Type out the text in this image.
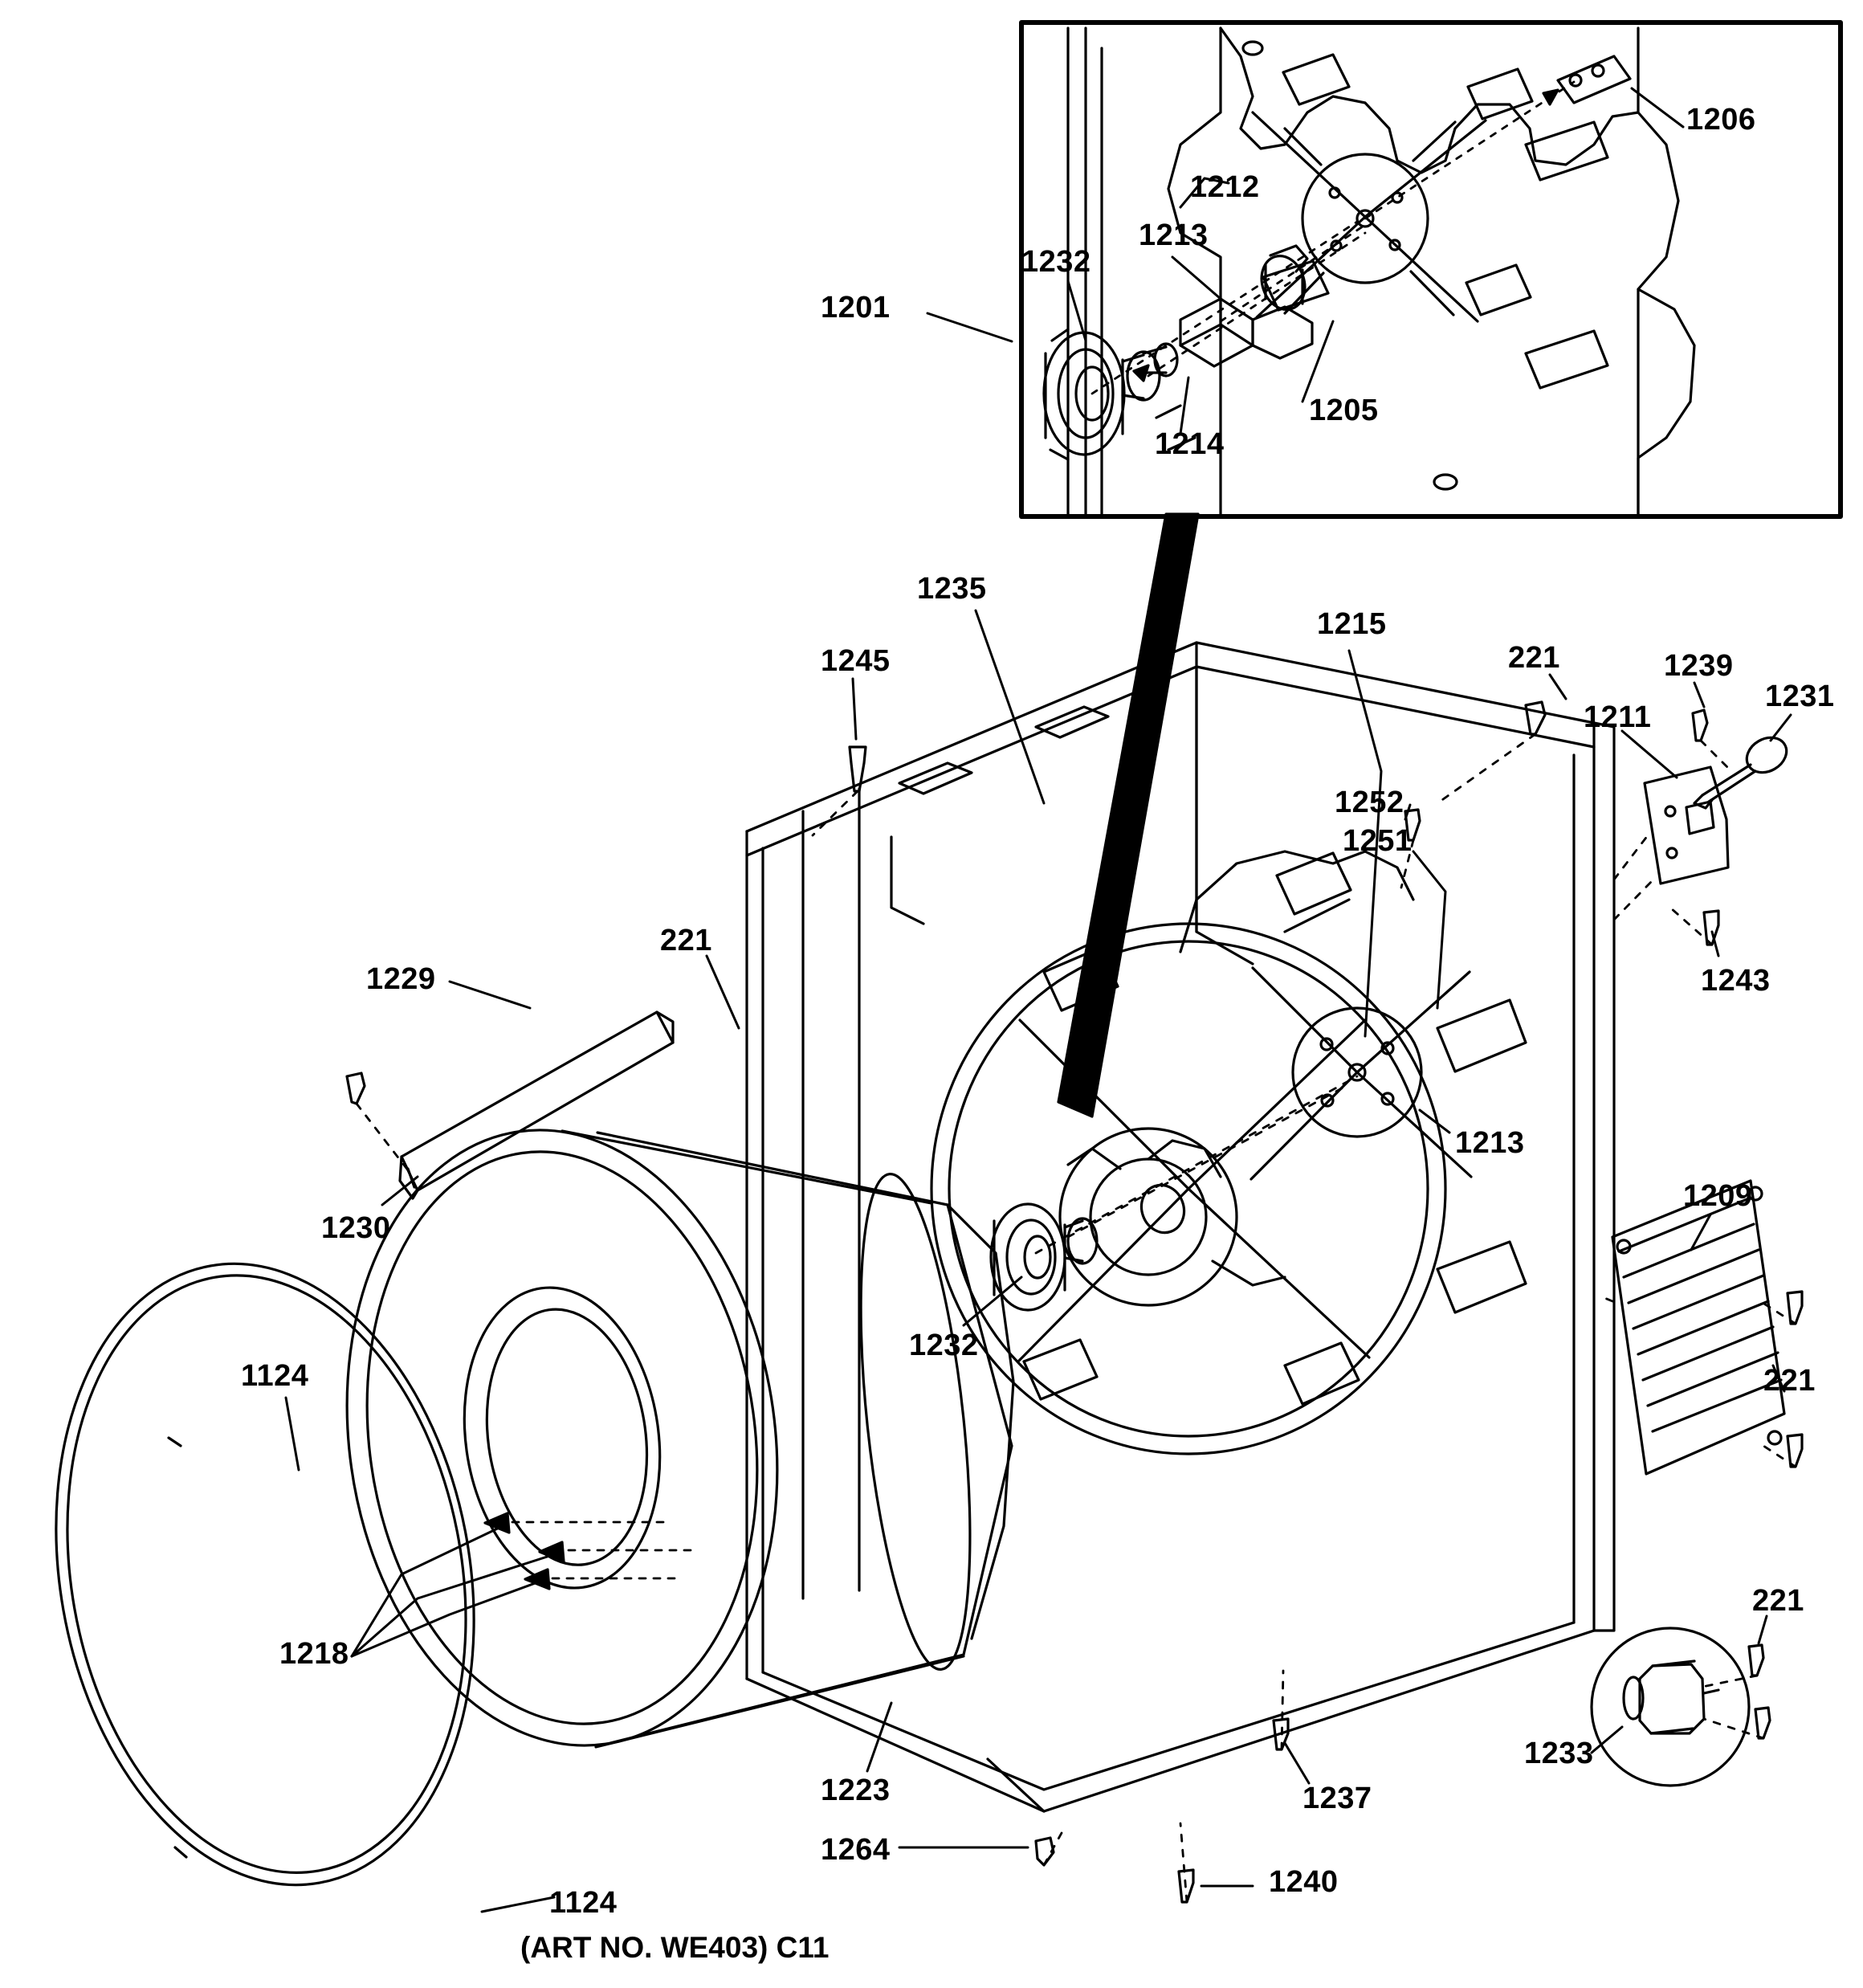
1206
1212
1213
1232
1201
1205
1214
1235
1215
221	1239
1231
1211
1245
1252
1251
1243
221
1229
1230
1213
1209
1232
221
1124
1218
221
1233
1223	1237
1264
1240
1124
(ART NO. WE403) C11
